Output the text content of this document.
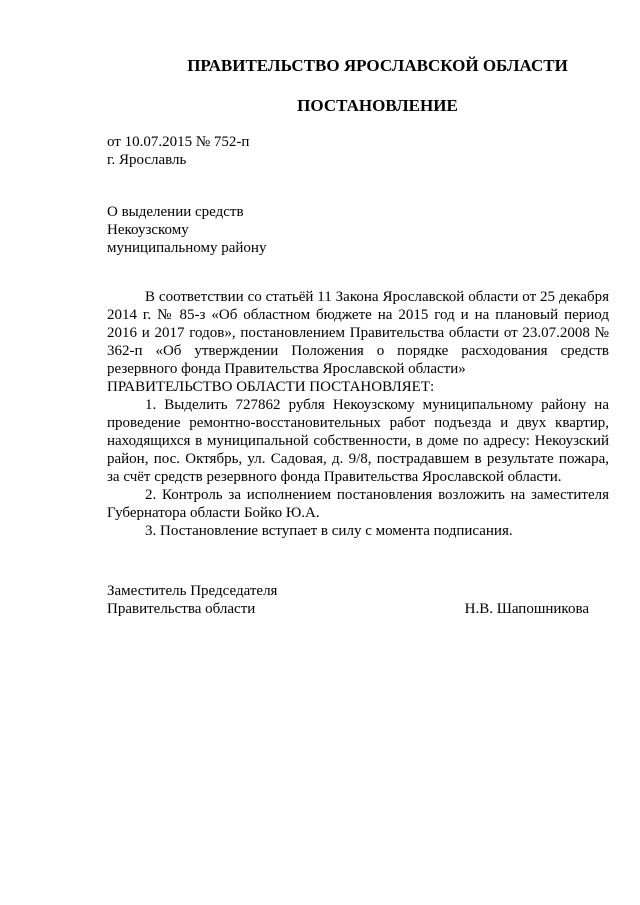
ПРАВИТЕЛЬСТВО ЯРОСЛАВСКОЙ ОБЛАСТИ
ПОСТАНОВЛЕНИЕ
от 10.07.2015 № 752-п
г. Ярославль
О выделении средств
Некоузскому
муниципальному району

В соответствии со статьёй 11 Закона Ярославской области от 25 декабря 2014 г. № 85-з «Об областном бюджете на 2015 год и на плановый период 2016 и 2017 годов», постановлением Правительства области от 23.07.2008 № 362-п «Об утверждении Положения о порядке расходования средств резервного фонда Правительства Ярославской области»

ПРАВИТЕЛЬСТВО ОБЛАСТИ ПОСТАНОВЛЯЕТ:

1. Выделить 727862 рубля Некоузскому муниципальному району на проведение ремонтно-восстановительных работ подъезда и двух квартир, находящихся в муниципальной собственности, в доме по адресу: Некоузский район, пос. Октябрь, ул. Садовая, д. 9/8, пострадавшем в результате пожара, за счёт средств резервного фонда Правительства Ярославской области.

2. Контроль за исполнением постановления возложить на заместителя Губернатора области Бойко Ю.А.

3. Постановление вступает в силу с момента подписания.

Заместитель Председателя
Правительства области	Н.В. Шапошникова
